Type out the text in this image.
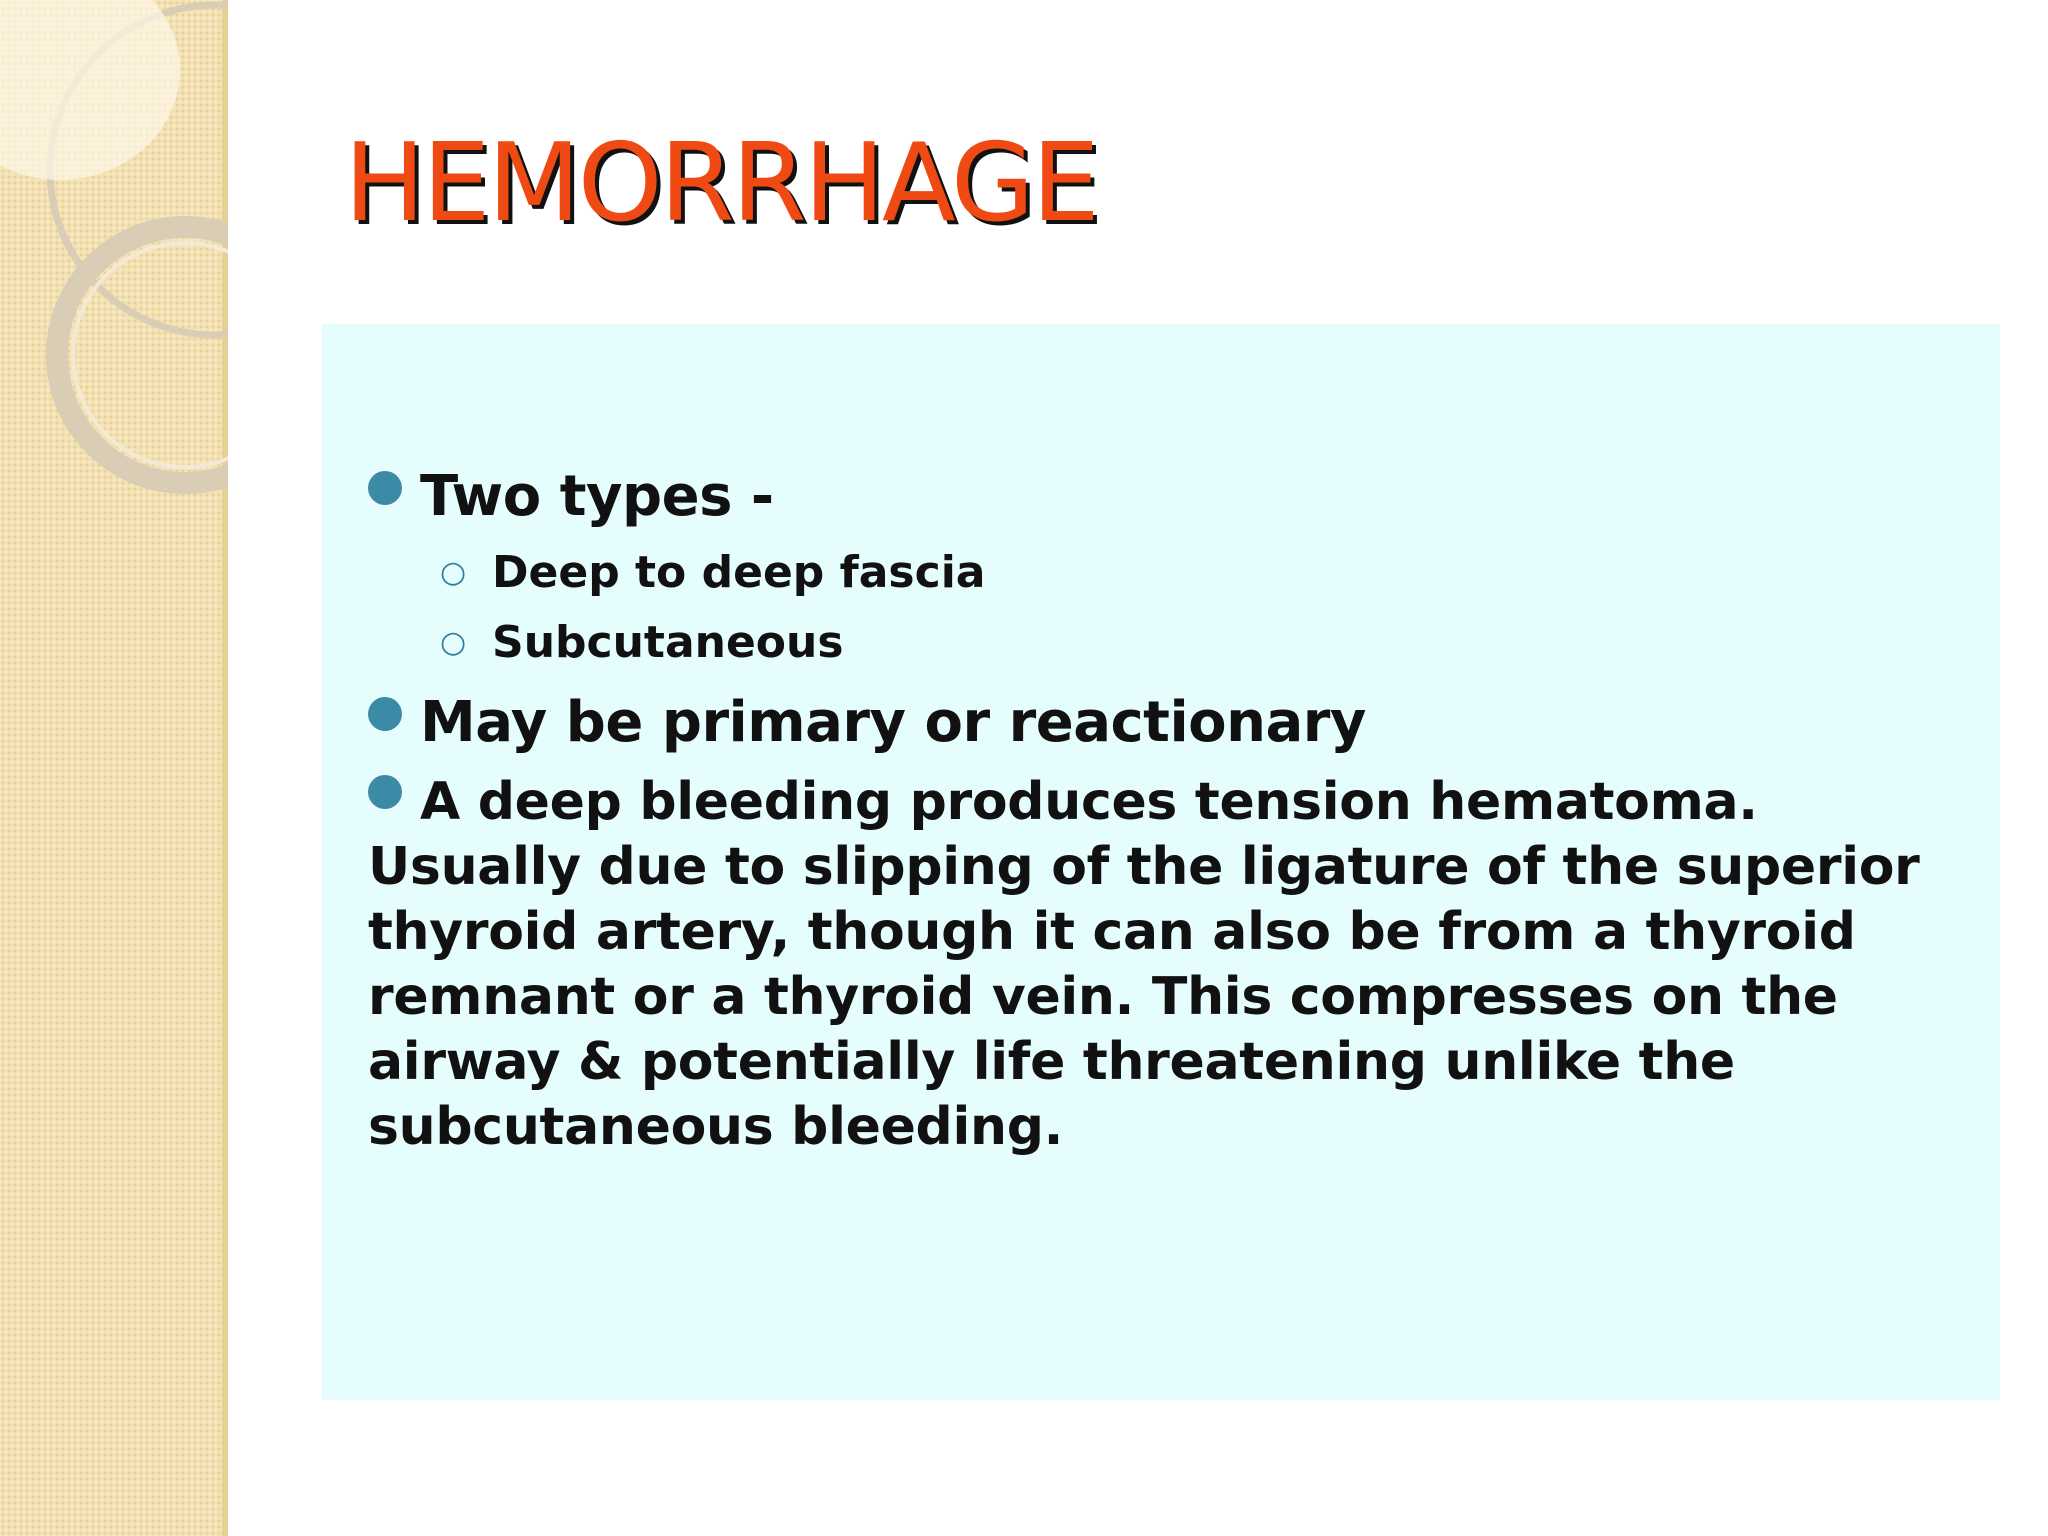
HEMORRHAGE

Two types -

○ Deep to deep fascia

○ Subcutaneous

May be primary or reactionary

A deep bleeding produces tension hematoma. Usually due to slipping of the ligature of the superior thyroid artery, though it can also be from a thyroid remnant or a thyroid vein. This compresses on the airway & potentially life threatening unlike the subcutaneous bleeding.
